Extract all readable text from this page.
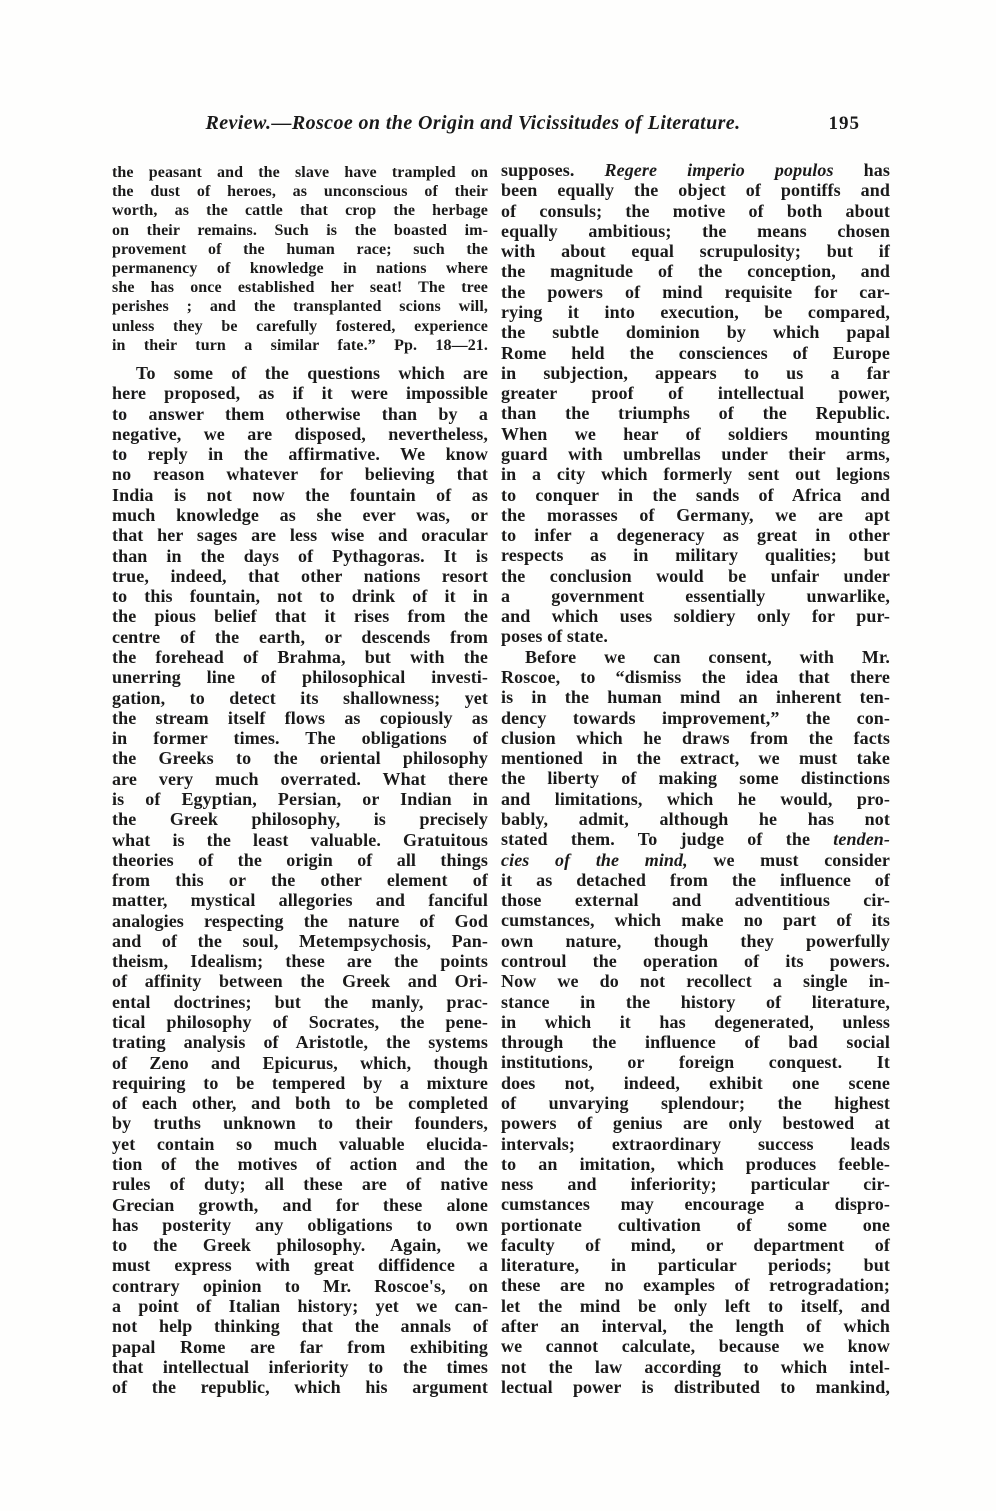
Review.—Roscoe on the Origin and Vicissitudes of Literature.	195
the peasant and the slave have trampled on
the dust of heroes, as unconscious of their
worth, as the cattle that crop the herbage
on their remains. Such is the boasted im-
provement of the human race; such the
permanency of knowledge in nations where
she has once established her seat! The tree
perishes ; and the transplanted scions will,
unless they be carefully fostered, experience
in their turn a similar fate.” Pp. 18—21.
To some of the questions which are
here proposed, as if it were impossible
to answer them otherwise than by a
negative, we are disposed, nevertheless,
to reply in the affirmative. We know
no reason whatever for believing that
India is not now the fountain of as
much knowledge as she ever was, or
that her sages are less wise and oracular
than in the days of Pythagoras. It is
true, indeed, that other nations resort
to this fountain, not to drink of it in
the pious belief that it rises from the
centre of the earth, or descends from
the forehead of Brahma, but with the
unerring line of philosophical investi-
gation, to detect its shallowness; yet
the stream itself flows as copiously as
in former times. The obligations of
the Greeks to the oriental philosophy
are very much overrated. What there
is of Egyptian, Persian, or Indian in
the Greek philosophy, is precisely
what is the least valuable. Gratuitous
theories of the origin of all things
from this or the other element of
matter, mystical allegories and fanciful
analogies respecting the nature of God
and of the soul, Metempsychosis, Pan-
theism, Idealism; these are the points
of affinity between the Greek and Ori-
ental doctrines; but the manly, prac-
tical philosophy of Socrates, the pene-
trating analysis of Aristotle, the systems
of Zeno and Epicurus, which, though
requiring to be tempered by a mixture
of each other, and both to be completed
by truths unknown to their founders,
yet contain so much valuable elucida-
tion of the motives of action and the
rules of duty; all these are of native
Grecian growth, and for these alone
has posterity any obligations to own
to the Greek philosophy. Again, we
must express with great diffidence a
contrary opinion to Mr. Roscoe's, on
a point of Italian history; yet we can-
not help thinking that the annals of
papal Rome are far from exhibiting
that intellectual inferiority to the times
of the republic, which his argument
supposes. Regere imperio populos has
been equally the object of pontiffs and
of consuls; the motive of both about
equally ambitious; the means chosen
with about equal scrupulosity; but if
the magnitude of the conception, and
the powers of mind requisite for car-
rying it into execution, be compared,
the subtle dominion by which papal
Rome held the consciences of Europe
in subjection, appears to us a far
greater proof of intellectual power,
than the triumphs of the Republic.
When we hear of soldiers mounting
guard with umbrellas under their arms,
in a city which formerly sent out legions
to conquer in the sands of Africa and
the morasses of Germany, we are apt
to infer a degeneracy as great in other
respects as in military qualities; but
the conclusion would be unfair under
a government essentially unwarlike,
and which uses soldiery only for pur-
poses of state.
Before we can consent, with Mr.
Roscoe, to “dismiss the idea that there
is in the human mind an inherent ten-
dency towards improvement,” the con-
clusion which he draws from the facts
mentioned in the extract, we must take
the liberty of making some distinctions
and limitations, which he would, pro-
bably, admit, although he has not
stated them. To judge of the tenden-
cies of the mind, we must consider
it as detached from the influence of
those external and adventitious cir-
cumstances, which make no part of its
own nature, though they powerfully
controul the operation of its powers.
Now we do not recollect a single in-
stance in the history of literature,
in which it has degenerated, unless
through the influence of bad social
institutions, or foreign conquest. It
does not, indeed, exhibit one scene
of unvarying splendour; the highest
powers of genius are only bestowed at
intervals; extraordinary success leads
to an imitation, which produces feeble-
ness and inferiority; particular cir-
cumstances may encourage a dispro-
portionate cultivation of some one
faculty of mind, or department of
literature, in particular periods; but
these are no examples of retrogradation;
let the mind be only left to itself, and
after an interval, the length of which
we cannot calculate, because we know
not the law according to which intel-
lectual power is distributed to mankind,
